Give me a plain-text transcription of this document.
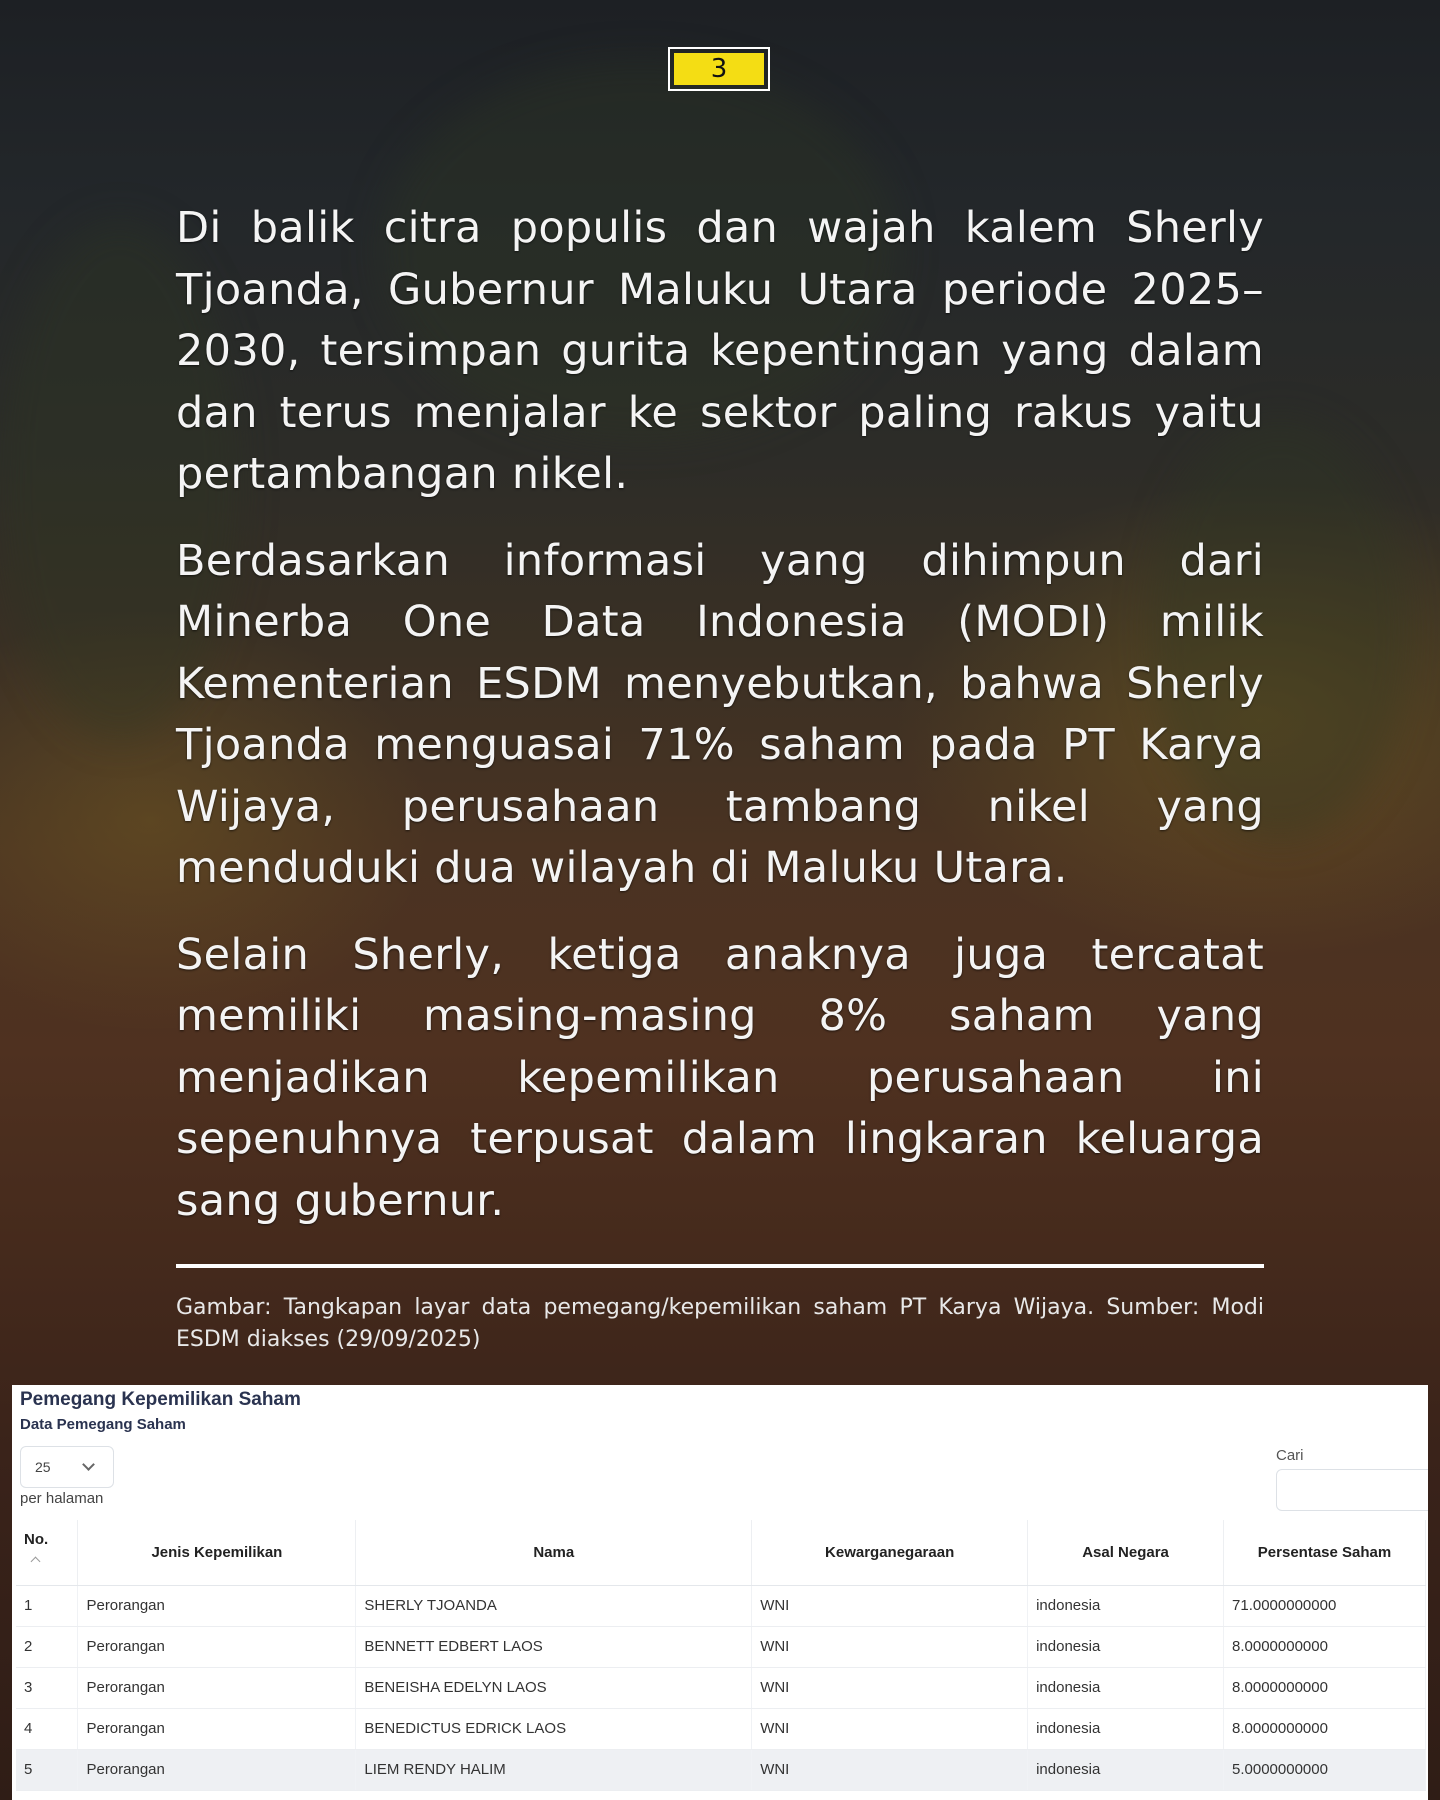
3

Di balik citra populis dan wajah kalem Sherly Tjoanda, Gubernur Maluku Utara periode 2025–2030, tersimpan gurita kepentingan yang dalam dan terus menjalar ke sektor paling rakus yaitu pertambangan nikel.

Berdasarkan informasi yang dihimpun dari Minerba One Data Indonesia (MODI) milik Kementerian ESDM menyebutkan, bahwa Sherly Tjoanda menguasai 71% saham pada PT Karya Wijaya, perusahaan tambang nikel yang menduduki dua wilayah di Maluku Utara.

Selain Sherly, ketiga anaknya juga tercatat memiliki masing-masing 8% saham yang menjadikan kepemilikan perusahaan ini sepenuhnya terpusat dalam lingkaran keluarga sang gubernur.

Gambar: Tangkapan layar data pemegang/kepemilikan saham PT Karya Wijaya. Sumber: Modi ESDM diakses (29/09/2025)
Pemegang Kepemilikan Saham
Data Pemegang Saham
25
per halaman
Cari
No.	Jenis Kepemilikan	Nama	Kewarganegaraan	Asal Negara	Persentase Saham
1	Perorangan	SHERLY TJOANDA	WNI	indonesia	71.0000000000
2	Perorangan	BENNETT EDBERT LAOS	WNI	indonesia	8.0000000000
3	Perorangan	BENEISHA EDELYN LAOS	WNI	indonesia	8.0000000000
4	Perorangan	BENEDICTUS EDRICK LAOS	WNI	indonesia	8.0000000000
5	Perorangan	LIEM RENDY HALIM	WNI	indonesia	5.0000000000
